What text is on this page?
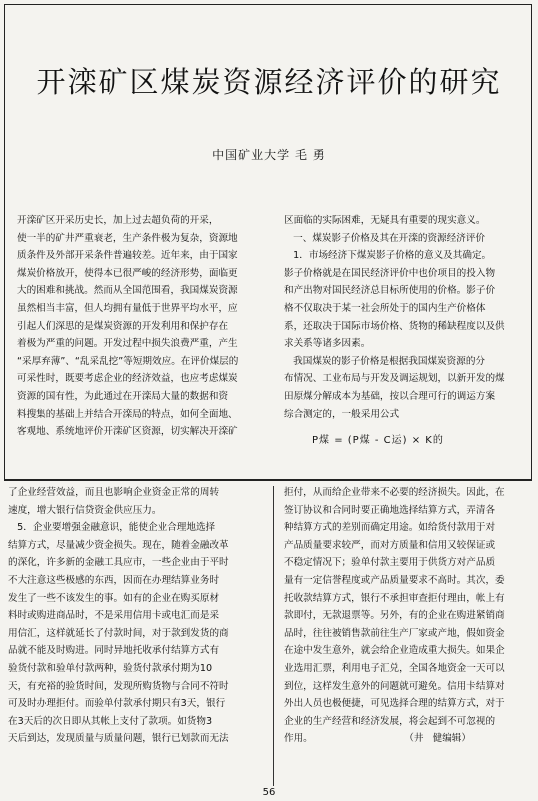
开滦矿区煤炭资源经济评价的研究
中国矿业大学 毛 勇
开滦矿区开采历史长，加上过去超负荷的开采，
使一半的矿井严重衰老，生产条件极为复杂，资源地
质条件及外部开采条件普遍较差。近年来，由于国家
煤炭价格放开，使得本已很严峻的经济形势，面临更
大的困难和挑战。然而从全国范围看，我国煤炭资源
虽然相当丰富，但人均拥有量低于世界平均水平，应
引起人们深思的是煤炭资源的开发利用和保护存在
着极为严重的问题。开发过程中损失浪费严重，产生
“采厚弃薄”、“乱采乱挖”等短期效应。在评价煤层的
可采性时，既要考虑企业的经济效益，也应考虑煤炭
资源的国有性，为此通过在开滦局大量的数据和资
料搜集的基础上并结合开滦局的特点，如何全面地、
客观地、系统地评价开滦矿区资源，切实解决开滦矿
区面临的实际困难，无疑具有重要的现实意义。
一、煤炭影子价格及其在开滦的资源经济评价
1．市场经济下煤炭影子价格的意义及其确定。
影子价格就是在国民经济评价中也价项目的投入物
和产出物对国民经济总目标所使用的价格。影子价
格不仅取决于某一社会所处于的国内生产价格体
系，还取决于国际市场价格、货物的稀缺程度以及供
求关系等诸多因素。
我国煤炭的影子价格是根据我国煤炭资源的分
布情况、工业布局与开发及调运规划，以新开发的煤
田原煤分解成本为基础，按以合理可行的调运方案
综合测定的，一般采用公式
P煤 = (P煤 - C运) × K的
了企业经营效益，而且也影响企业资金正常的周转
速度，增大银行信贷资金供应压力。
5．企业要增强金融意识，能使企业合理地选择
结算方式，尽量减少资金损失。现在，随着金融改革
的深化，许多新的金融工具应市，一些企业由于平时
不大注意这些极感的东西，因而在办理结算业务时
发生了一些不该发生的事。如有的企业在购买原材
料时或购进商品时，不是采用信用卡或电汇而是采
用信汇，这样就延长了付款时间，对于款到发货的商
品就不能及时购进。同时异地托收承付结算方式有
验货付款和验单付款两种，验货付款承付期为10
天，有充裕的验货时间，发现所购货物与合同不符时
可及时办理拒付。而验单付款承付期只有3天，银行
在3天后的次日即从其帐上支付了款项。如货物3
天后到达，发现质量与质量问题，银行已划款而无法
拒付，从而给企业带来不必要的经济损失。因此，在
签订协议和合同时要正确地选择结算方式，弄清各
种结算方式的差别而确定用途。如给货付款用于对
产品质量要求较严，而对方质量和信用又较保证或
不稳定情况下；验单付款主要用于供货方对产品质
量有一定信誉程度或产品质量要求不高时。其次，委
托收款结算方式，银行不承担审查拒付理由，帐上有
款即付，无款退票等。另外，有的企业在购进紧销商
品时，往往被销售款前往生产厂家或产地，假如资金
在途中发生意外，就会给企业造成重大损失。如果企
业选用汇票，利用电子汇兑，全国各地资金一天可以
到位，这样发生意外的问题就可避免。信用卡结算对
外出人员也极便捷，可见选择合理的结算方式，对于
企业的生产经营和经济发展，将会起到不可忽视的
作用。                              （井   健编辑）
56
